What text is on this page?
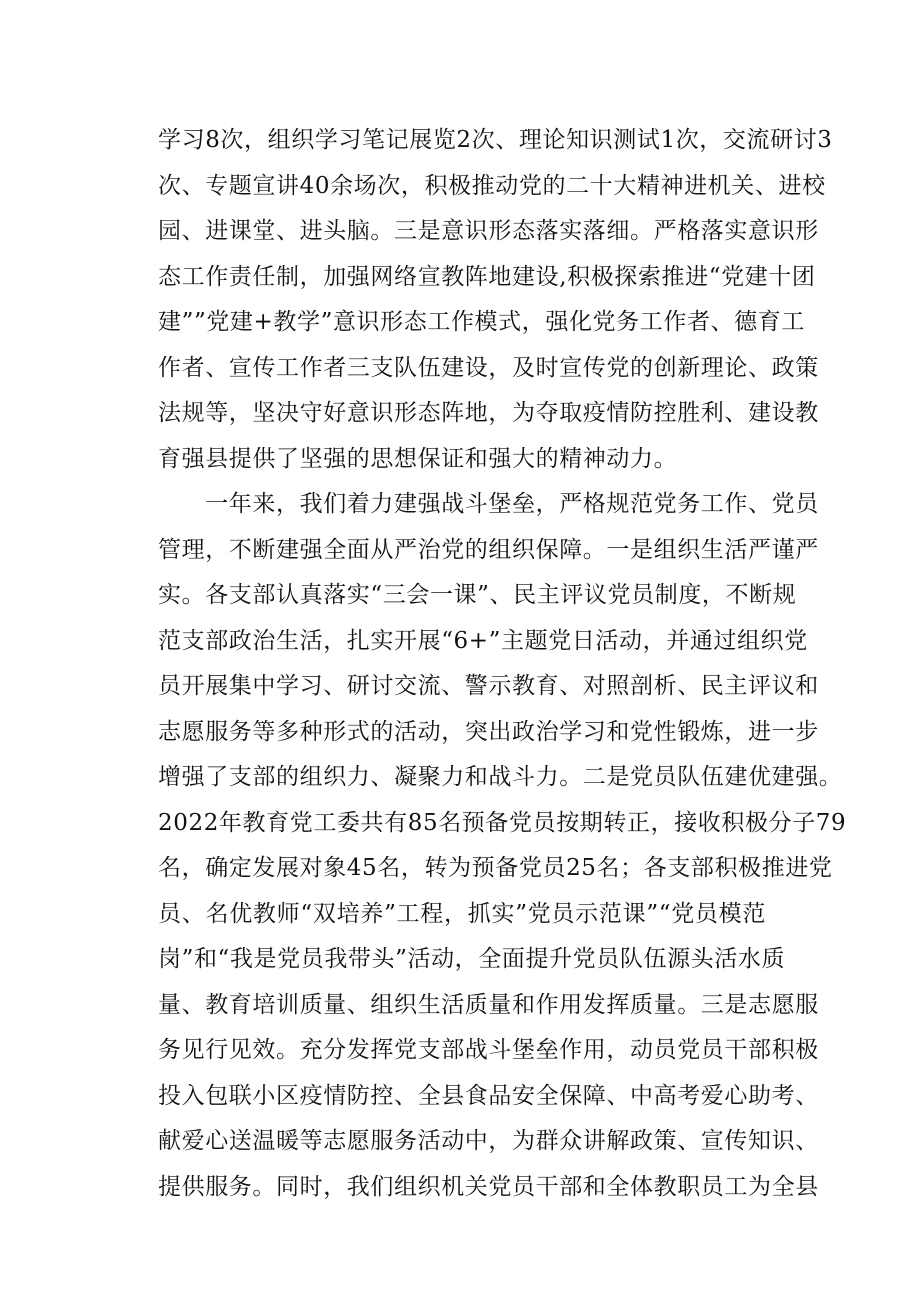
学习8次，组织学习笔记展览2次、理论知识测试1次，交流研讨3
次、专题宣讲40余场次，积极推动党的二十大精神进机关、进校
园、进课堂、进头脑。三是意识形态落实落细。严格落实意识形
态工作责任制，加强网络宣教阵地建设,积极探索推进“党建十团
建””党建+教学”意识形态工作模式，强化党务工作者、德育工
作者、宣传工作者三支队伍建设，及时宣传党的创新理论、政策
法规等，坚决守好意识形态阵地，为夺取疫情防控胜利、建设教
育强县提供了坚强的思想保证和强大的精神动力。
　　一年来，我们着力建强战斗堡垒，严格规范党务工作、党员
管理，不断建强全面从严治党的组织保障。一是组织生活严谨严
实。各支部认真落实“三会一课”、民主评议党员制度，不断规
范支部政治生活，扎实开展“6+”主题党日活动，并通过组织党
员开展集中学习、研讨交流、警示教育、对照剖析、民主评议和
志愿服务等多种形式的活动，突出政治学习和党性锻炼，进一步
增强了支部的组织力、凝聚力和战斗力。二是党员队伍建优建强。
2022年教育党工委共有85名预备党员按期转正，接收积极分子79
名，确定发展对象45名，转为预备党员25名；各支部积极推进党
员、名优教师“双培养”工程，抓实”党员示范课”“党员模范
岗”和“我是党员我带头”活动，全面提升党员队伍源头活水质
量、教育培训质量、组织生活质量和作用发挥质量。三是志愿服
务见行见效。充分发挥党支部战斗堡垒作用，动员党员干部积极
投入包联小区疫情防控、全县食品安全保障、中高考爱心助考、
献爱心送温暖等志愿服务活动中，为群众讲解政策、宣传知识、
提供服务。同时，我们组织机关党员干部和全体教职员工为全县
